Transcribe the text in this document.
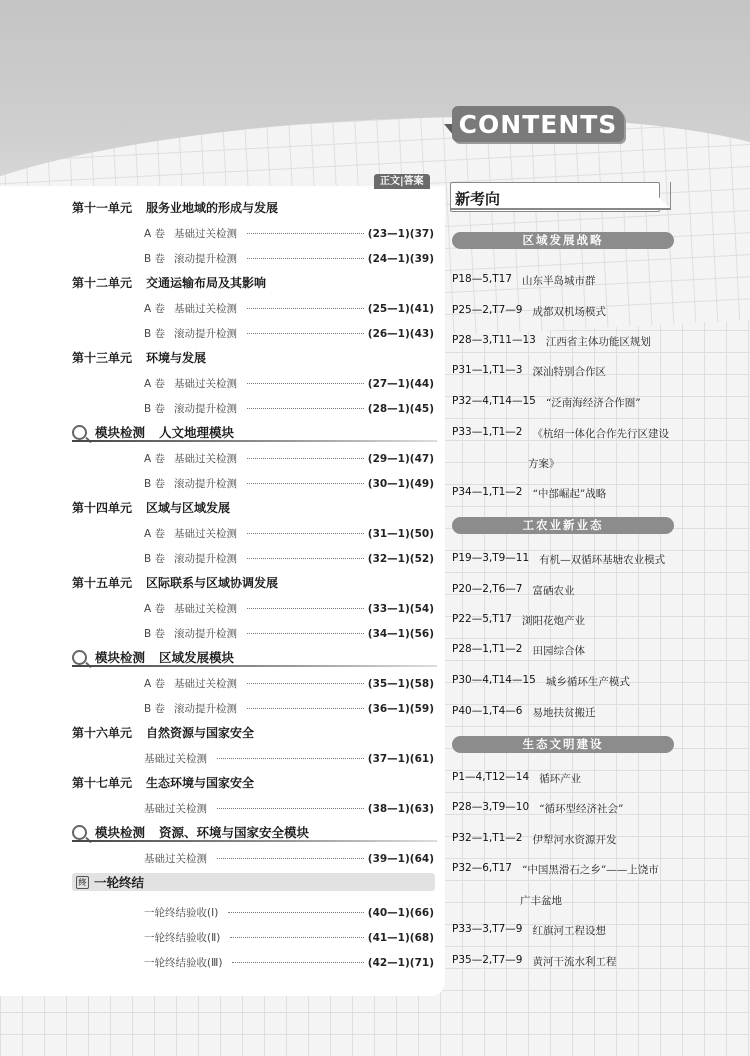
CONTENTS
正文|答案
第十一单元 服务业地域的形成与发展
A 卷 基础过关检测	(23—1)(37)
B 卷 滚动提升检测	(24—1)(39)
第十二单元 交通运输布局及其影响
A 卷 基础过关检测	(25—1)(41)
B 卷 滚动提升检测	(26—1)(43)
第十三单元 环境与发展
A 卷 基础过关检测	(27—1)(44)
B 卷 滚动提升检测	(28—1)(45)
模块检测 人文地理模块
A 卷 基础过关检测	(29—1)(47)
B 卷 滚动提升检测	(30—1)(49)
第十四单元 区域与区域发展
A 卷 基础过关检测	(31—1)(50)
B 卷 滚动提升检测	(32—1)(52)
第十五单元 区际联系与区域协调发展
A 卷 基础过关检测	(33—1)(54)
B 卷 滚动提升检测	(34—1)(56)
模块检测 区域发展模块
A 卷 基础过关检测	(35—1)(58)
B 卷 滚动提升检测	(36—1)(59)
第十六单元 自然资源与国家安全
基础过关检测	(37—1)(61)
第十七单元 生态环境与国家安全
基础过关检测	(38—1)(63)
模块检测 资源、环境与国家安全模块
基础过关检测	(39—1)(64)
终 一轮终结
一轮终结验收(Ⅰ)	(40—1)(66)
一轮终结验收(Ⅱ)	(41—1)(68)
一轮终结验收(Ⅲ)	(42—1)(71)
新考向
区域发展战略
P18—5,T17 山东半岛城市群
P25—2,T7—9 成都双机场模式
P28—3,T11—13 江西省主体功能区规划
P31—1,T1—3 深汕特别合作区
P32—4,T14—15 “泛南海经济合作圈”
P33—1,T1—2 《杭绍一体化合作先行区建设
方案》
P34—1,T1—2 “中部崛起”战略
工农业新业态
P19—3,T9—11 有机—双循环基塘农业模式
P20—2,T6—7 富硒农业
P22—5,T17 浏阳花炮产业
P28—1,T1—2 田园综合体
P30—4,T14—15 城乡循环生产模式
P40—1,T4—6 易地扶贫搬迁
生态文明建设
P1—4,T12—14 循环产业
P28—3,T9—10 “循环型经济社会”
P32—1,T1—2 伊犁河水资源开发
P32—6,T17 “中国黑滑石之乡”——上饶市
广丰盆地
P33—3,T7—9 红旗河工程设想
P35—2,T7—9 黄河干流水利工程
